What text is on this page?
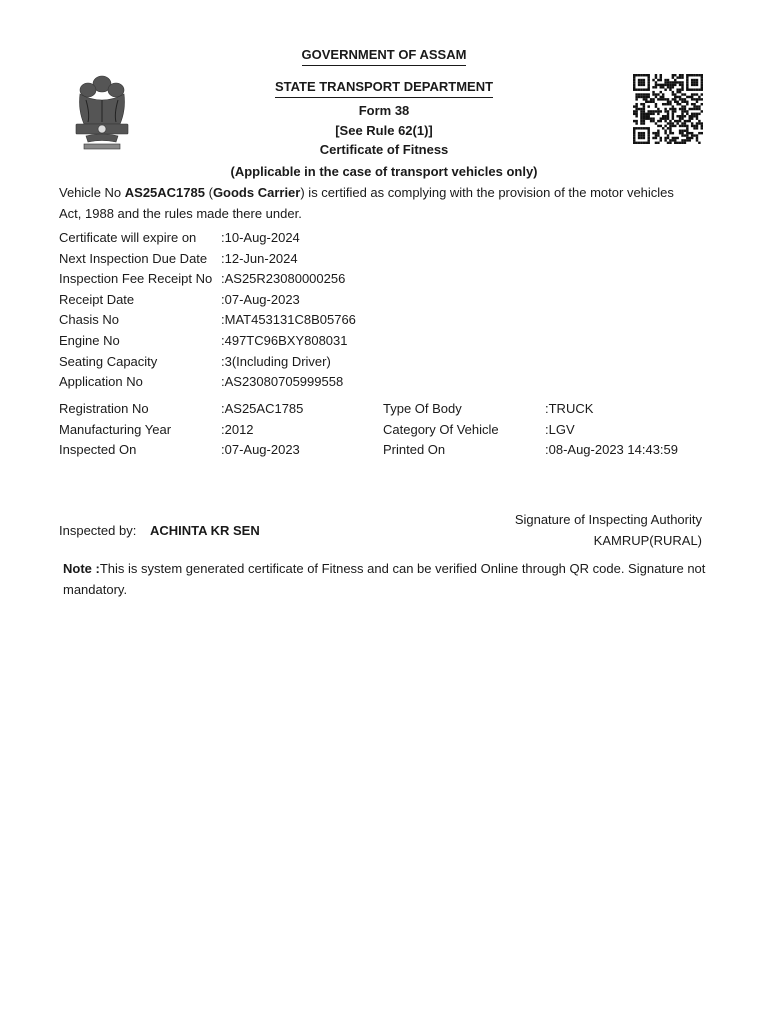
GOVERNMENT OF ASSAM
STATE TRANSPORT DEPARTMENT
Form 38
[See Rule 62(1)]
Certificate of Fitness
(Applicable in the case of transport vehicles only)
Vehicle No AS25AC1785 (Goods Carrier) is certified as complying with the provision of the motor vehicles
Act, 1988 and the rules made there under.
Certificate will expire on :10-Aug-2024
Next Inspection Due Date :12-Jun-2024
Inspection Fee Receipt No :AS25R23080000256
Receipt Date	:07-Aug-2023
Chasis No	:MAT453131C8B05766
Engine No	:497TC96BXY808031
Seating Capacity	:3(Including Driver)
Application No	:AS23080705999558
Registration No	:AS25AC1785	Type Of Body	:TRUCK
Manufacturing Year	:2012	Category Of Vehicle	:LGV
Inspected On	:07-Aug-2023	Printed On	:08-Aug-2023 14:43:59
Inspected by: ACHINTA KR SEN
Signature of Inspecting Authority
KAMRUP(RURAL)
Note :This is system generated certificate of Fitness and can be verified Online through QR code. Signature not mandatory.
